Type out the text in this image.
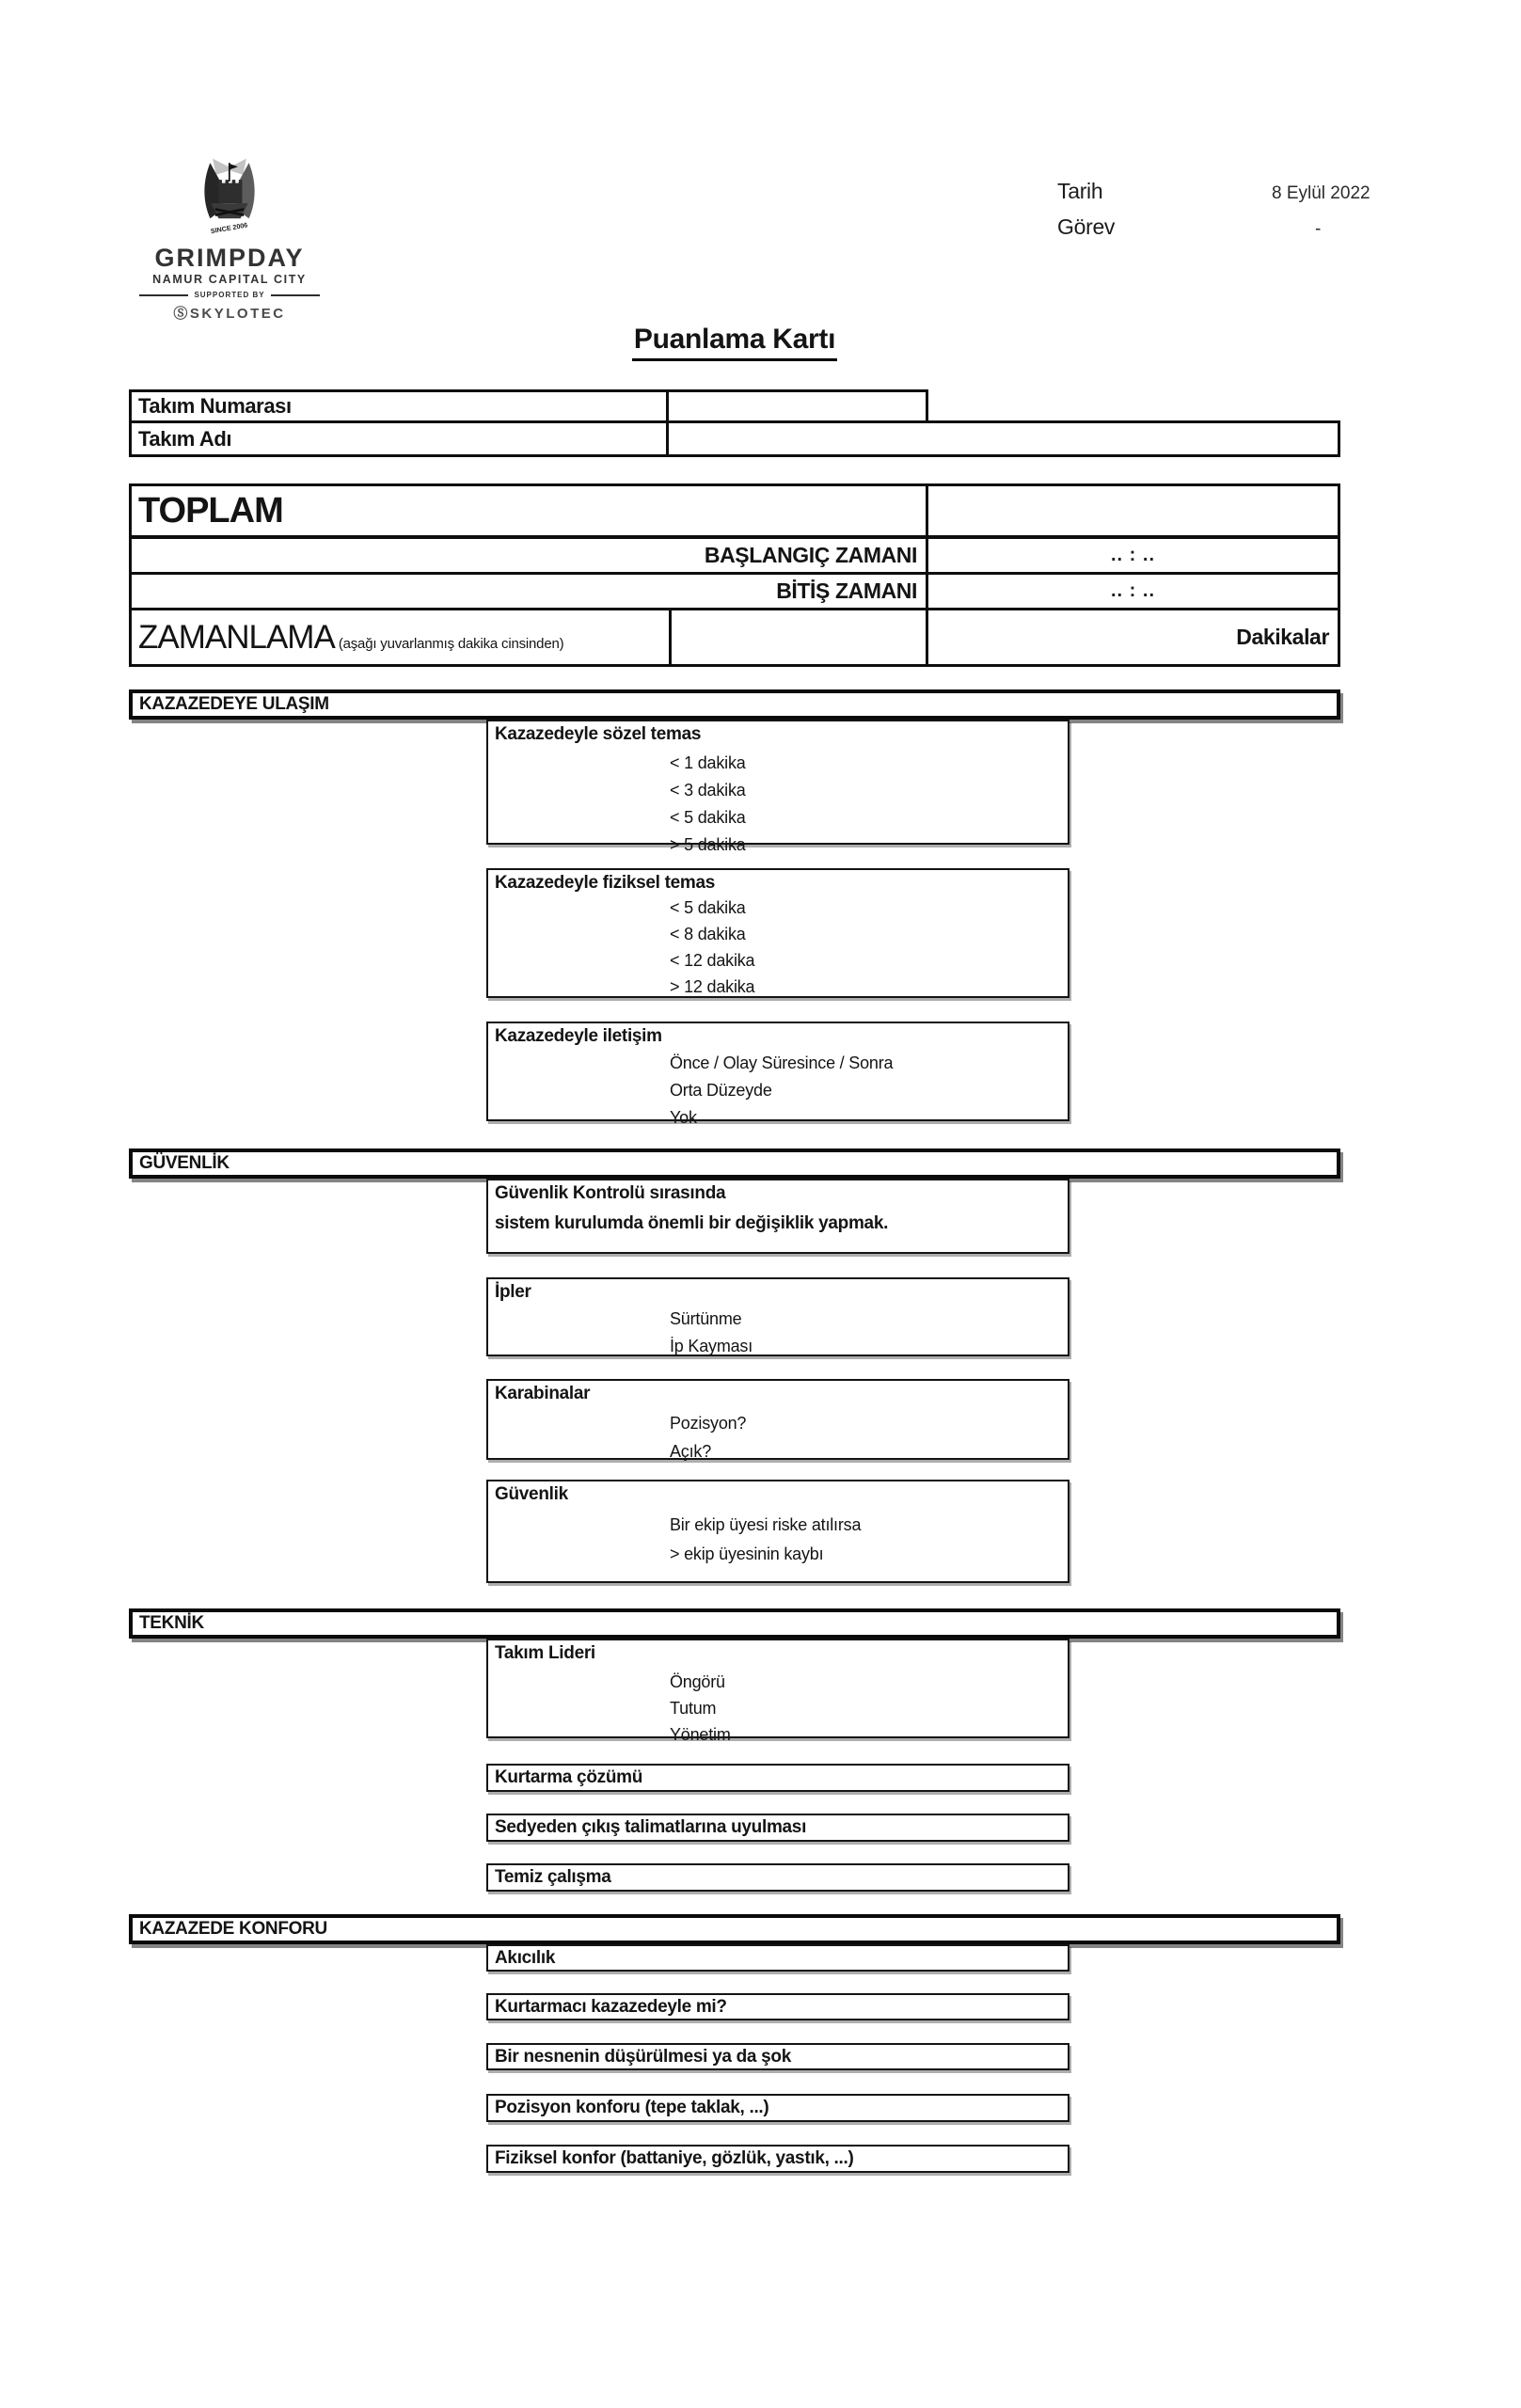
SINCE 2006
GRIMPDAY
NAMUR CAPITAL CITY
SUPPORTED BY
ⓈSKYLOTEC
Tarih	8 Eylül 2022
Görev	-
Puanlama Kartı
Takım Numarası
Takım Adı
TOPLAM
BAŞLANGIÇ ZAMANI	.. : ..
BİTİŞ ZAMANI	.. : ..
ZAMANLAMA (aşağı yuvarlanmış dakika cinsinden)	Dakikalar
KAZAZEDEYE ULAŞIM
Kazazedeyle sözel temas
< 1 dakika
< 3 dakika
< 5 dakika
> 5 dakika
Kazazedeyle fiziksel temas
< 5 dakika
< 8 dakika
< 12 dakika
> 12 dakika
Kazazedeyle iletişim
Önce / Olay Süresince / Sonra
Orta Düzeyde
Yok
GÜVENLİK
Güvenlik Kontrolü sırasında
sistem kurulumda önemli bir değişiklik yapmak.
İpler
Sürtünme
İp Kayması
Karabinalar
Pozisyon?
Açık?
Güvenlik
Bir ekip üyesi riske atılırsa
> ekip üyesinin kaybı
TEKNİK
Takım Lideri
Öngörü
Tutum
Yönetim
Kurtarma çözümü
Sedyeden çıkış talimatlarına uyulması
Temiz çalışma
KAZAZEDE KONFORU
Akıcılık
Kurtarmacı kazazedeyle mi?
Bir nesnenin düşürülmesi ya da şok
Pozisyon konforu (tepe taklak, ...)
Fiziksel konfor (battaniye, gözlük, yastık, ...)
